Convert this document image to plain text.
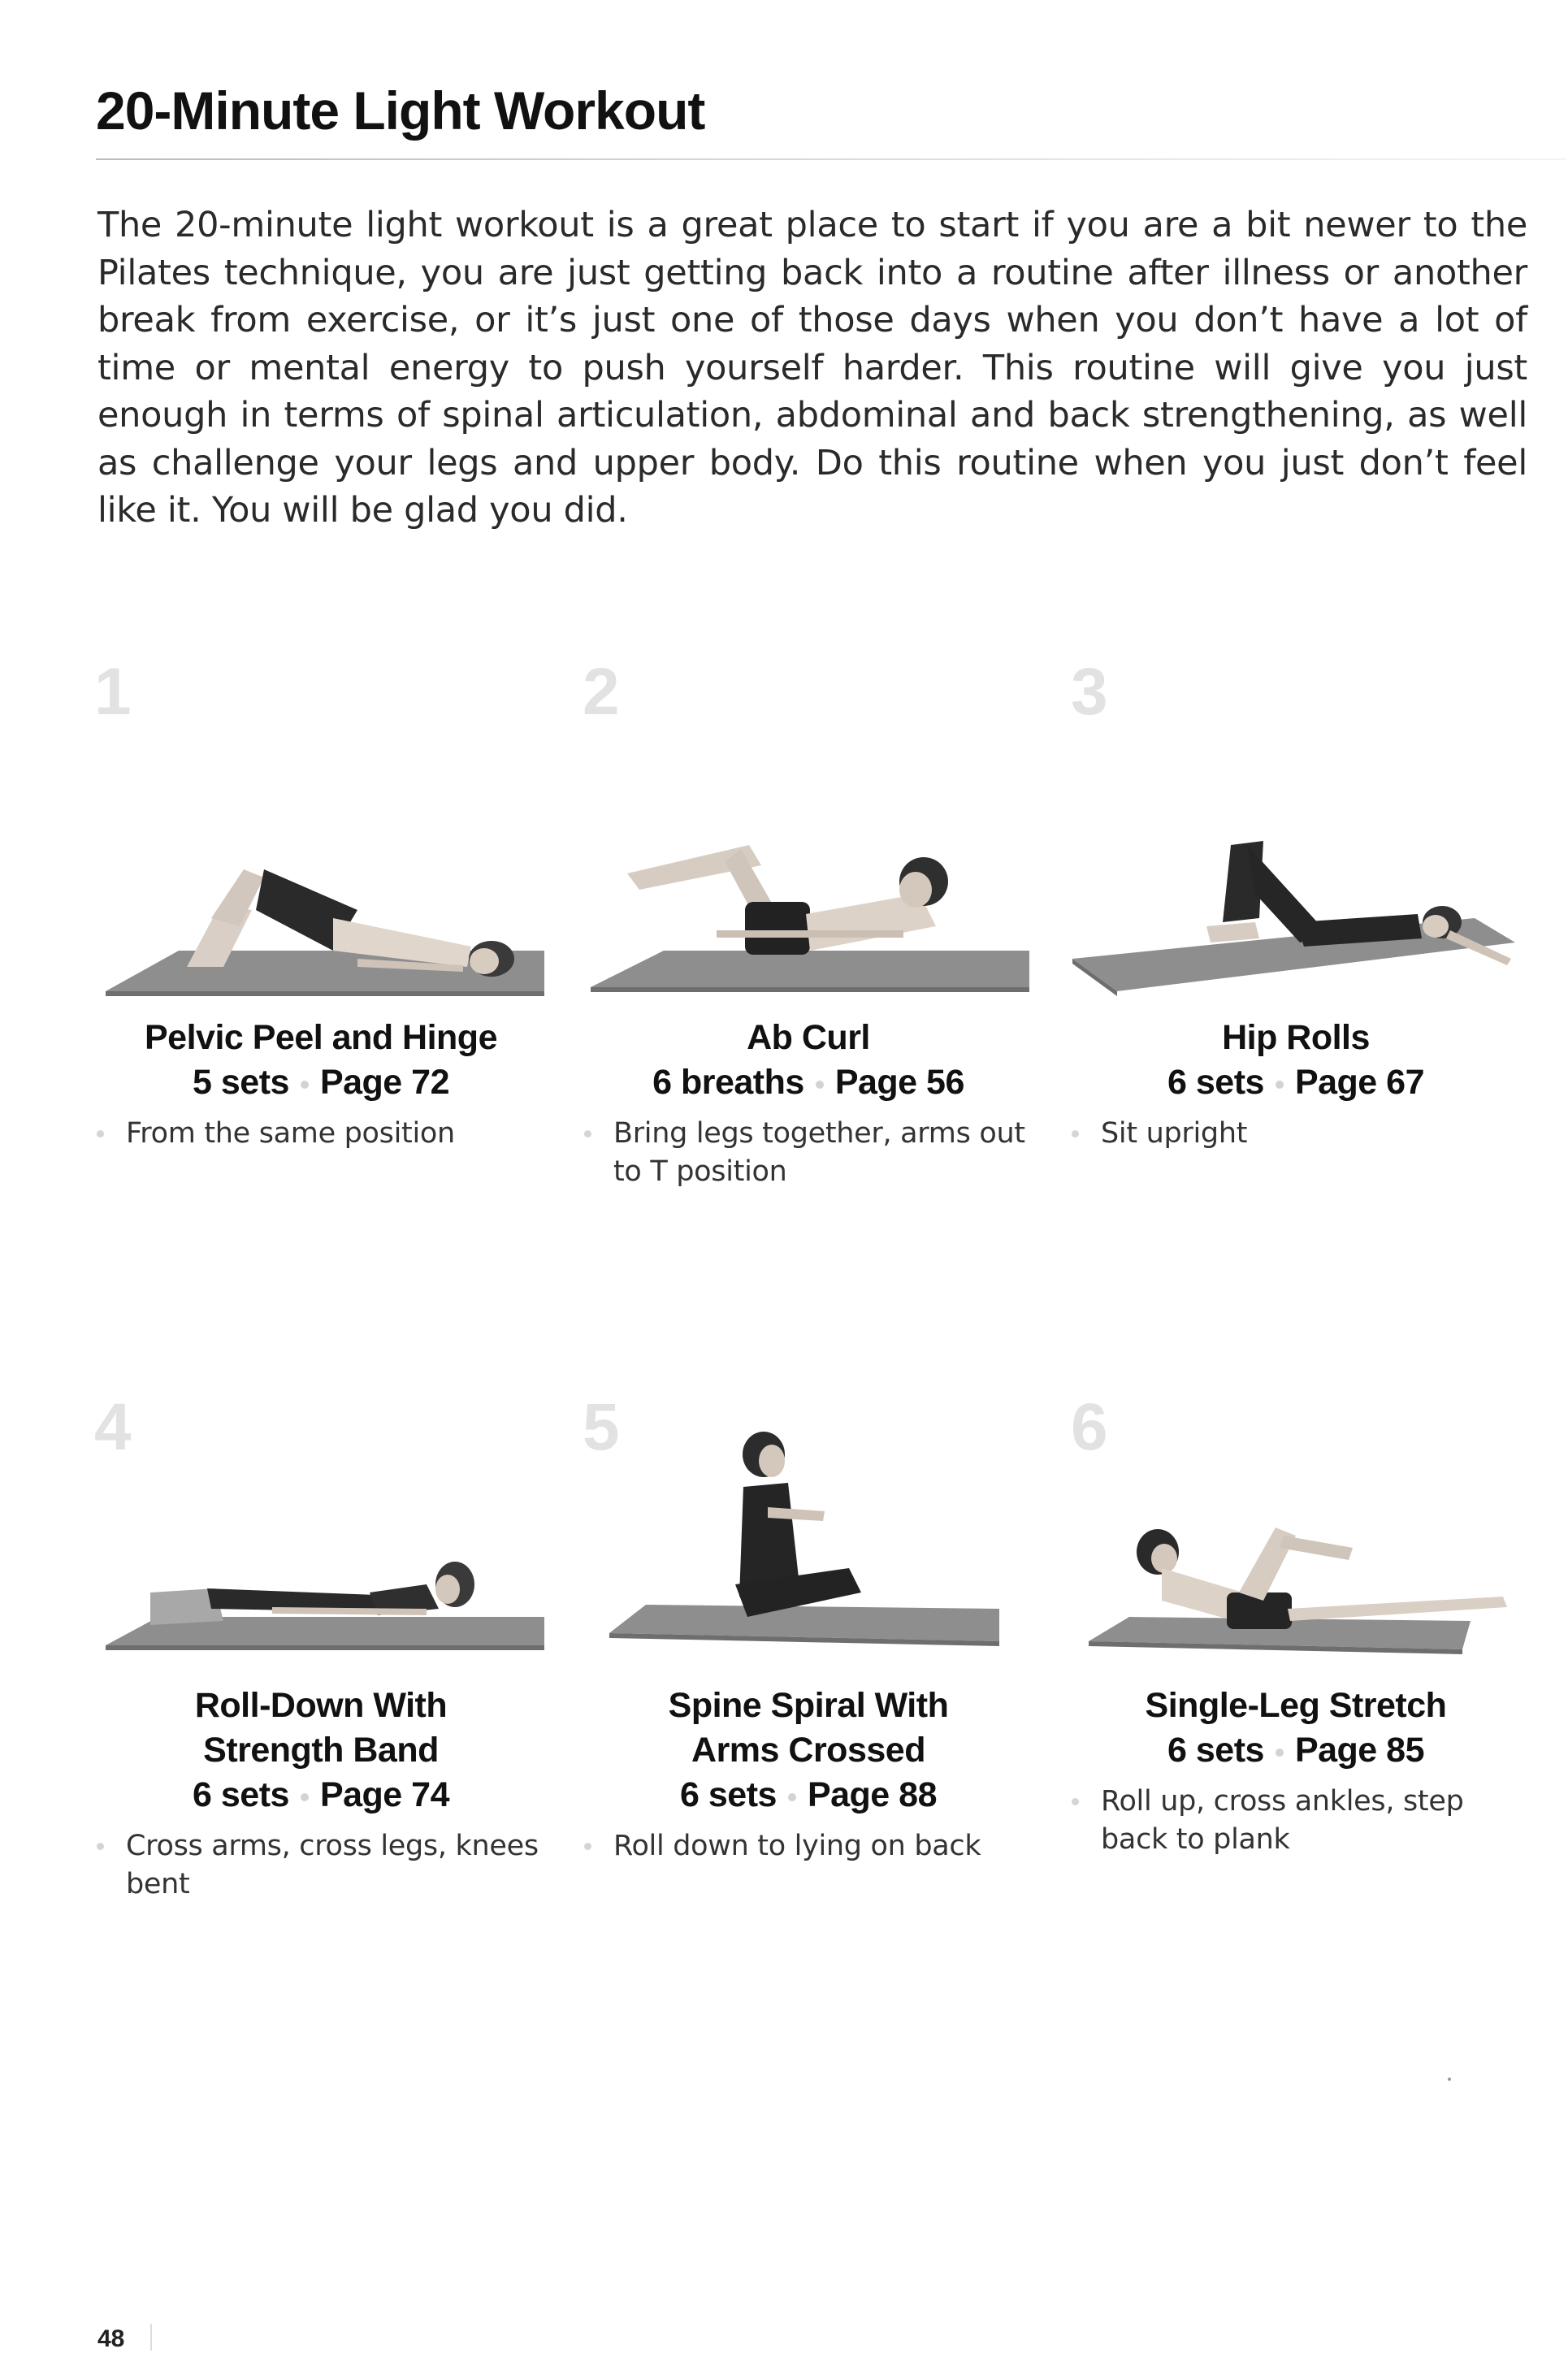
20-Minute Light Workout

The 20-minute light workout is a great place to start if you are a bit newer to the Pilates technique, you are just getting back into a routine after illness or another break from exercise, or it’s just one of those days when you don’t have a lot of time or mental energy to push yourself harder. This routine will give you just enough in terms of spinal articulation, abdominal and back strengthening, as well as challenge your legs and upper body. Do this routine when you just don’t feel like it. You will be glad you did.

1	2	3
Pelvic Peel and Hinge
5 sets Page 72
From the same position
Ab Curl
6 breaths Page 56
Bring legs together, arms out to T position
Hip Rolls
6 sets Page 67
Sit upright
4	5	6
Roll-Down With Strength Band
6 sets Page 74
Cross arms, cross legs, knees bent
Spine Spiral With Arms Crossed
6 sets Page 88
Roll down to lying on back
Single-Leg Stretch
6 sets Page 85
Roll up, cross ankles, step back to plank
48
